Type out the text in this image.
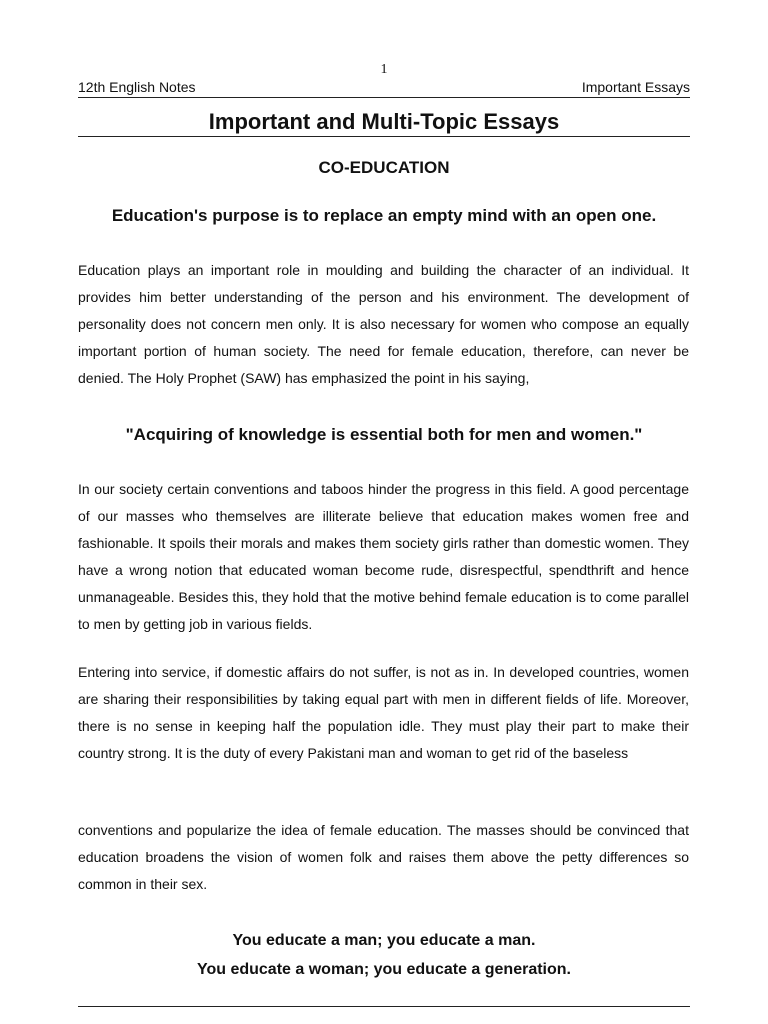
1
12th English Notes	Important Essays
Important and Multi-Topic Essays
CO-EDUCATION
Education's purpose is to replace an empty mind with an open one.
Education plays an important role in moulding and building the character of an individual. It provides him better understanding of the person and his environment. The development of personality does not concern men only. It is also necessary for women who compose an equally important portion of human society. The need for female education, therefore, can never be denied. The Holy Prophet (SAW) has emphasized the point in his saying,
"Acquiring of knowledge is essential both for men and women."
In our society certain conventions and taboos hinder the progress in this field. A good percentage of our masses who themselves are illiterate believe that education makes women free and fashionable. It spoils their morals and makes them society girls rather than domestic women. They have a wrong notion that educated woman become rude, disrespectful, spendthrift and hence unmanageable. Besides this, they hold that the motive behind female education is to come parallel to men by getting job in various fields.
Entering into service, if domestic affairs do not suffer, is not as in. In developed countries, women are sharing their responsibilities by taking equal part with men in different fields of life. Moreover, there is no sense in keeping half the population idle. They must play their part to make their country strong. It is the duty of every Pakistani man and woman to get rid of the baseless
conventions and popularize the idea of female education. The masses should be convinced that education broadens the vision of women folk and raises them above the petty differences so common in their sex.
You educate a man; you educate a man.
You educate a woman; you educate a generation.
